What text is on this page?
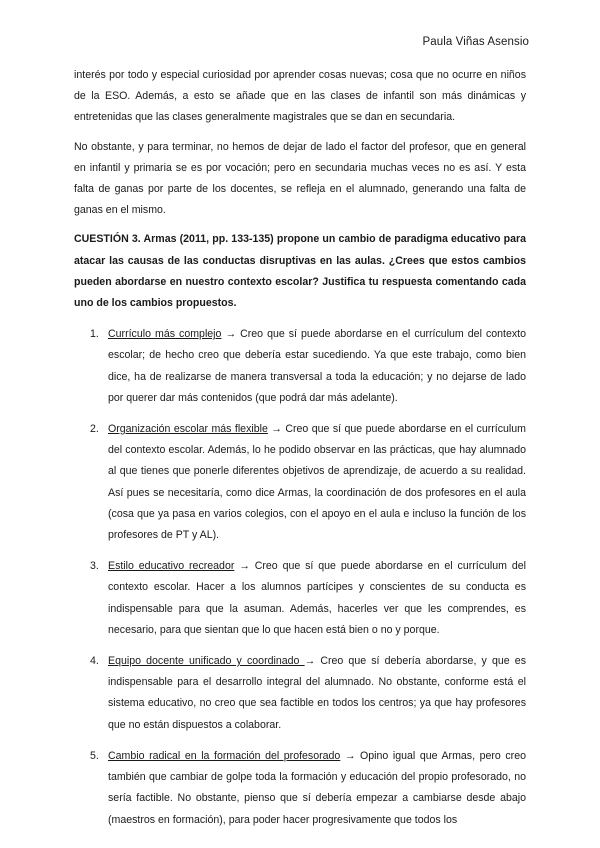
Paula Viñas Asensio

interés por todo y especial curiosidad por aprender cosas nuevas; cosa que no ocurre en niños de la ESO. Además, a esto se añade que en las clases de infantil son más dinámicas y entretenidas que las clases generalmente magistrales que se dan en secundaria.

No obstante, y para terminar, no hemos de dejar de lado el factor del profesor, que en general en infantil y primaria se es por vocación; pero en secundaria muchas veces no es así. Y esta falta de ganas por parte de los docentes, se refleja en el alumnado, generando una falta de ganas en el mismo.

CUESTIÓN 3. Armas (2011, pp. 133-135) propone un cambio de paradigma educativo para atacar las causas de las conductas disruptivas en las aulas. ¿Crees que estos cambios pueden abordarse en nuestro contexto escolar? Justifica tu respuesta comentando cada uno de los cambios propuestos.

1. Currículo más complejo → Creo que sí puede abordarse en el currículum del contexto escolar; de hecho creo que debería estar sucediendo. Ya que este trabajo, como bien dice, ha de realizarse de manera transversal a toda la educación; y no dejarse de lado por querer dar más contenidos (que podrá dar más adelante).
2. Organización escolar más flexible → Creo que sí que puede abordarse en el currículum del contexto escolar. Además, lo he podido observar en las prácticas, que hay alumnado al que tienes que ponerle diferentes objetivos de aprendizaje, de acuerdo a su realidad. Así pues se necesitaría, como dice Armas, la coordinación de dos profesores en el aula (cosa que ya pasa en varios colegios, con el apoyo en el aula e incluso la función de los profesores de PT y AL).
3. Estilo educativo recreador → Creo que sí que puede abordarse en el currículum del contexto escolar. Hacer a los alumnos partícipes y conscientes de su conducta es indispensable para que la asuman. Además, hacerles ver que les comprendes, es necesario, para que sientan que lo que hacen está bien o no y porque.
4. Equipo docente unificado y coordinado → Creo que sí debería abordarse, y que es indispensable para el desarrollo integral del alumnado. No obstante, conforme está el sistema educativo, no creo que sea factible en todos los centros; ya que hay profesores que no están dispuestos a colaborar.
5. Cambio radical en la formación del profesorado → Opino igual que Armas, pero creo también que cambiar de golpe toda la formación y educación del propio profesorado, no sería factible. No obstante, pienso que sí debería empezar a cambiarse desde abajo (maestros en formación), para poder hacer progresivamente que todos los
